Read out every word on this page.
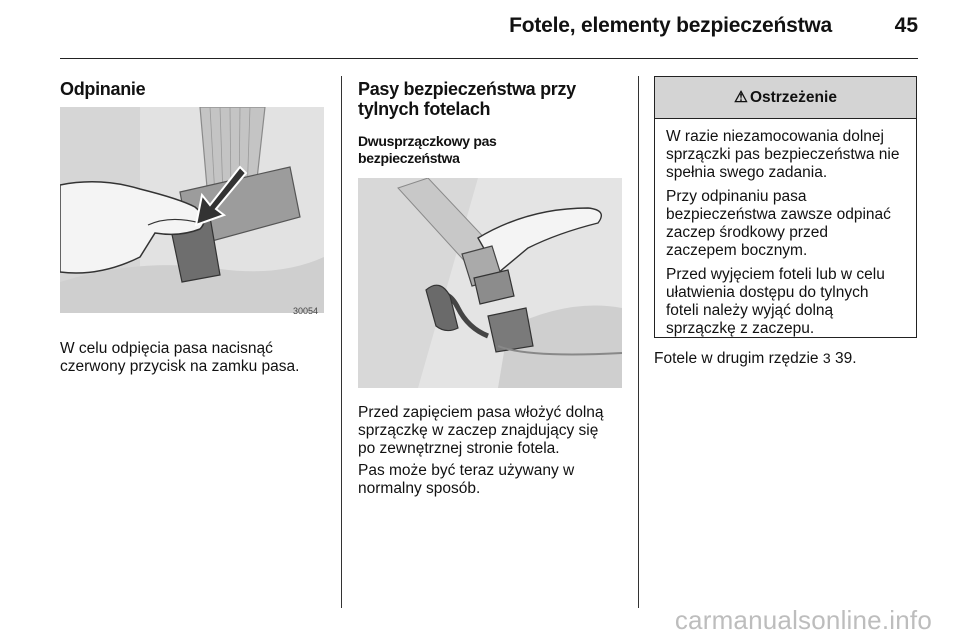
Fotele, elementy bezpieczeństwa	45
Odpinanie
30054
W celu odpięcia pasa nacisnąć
czerwony przycisk na zamku pasa.
Pasy bezpieczeństwa przy
tylnych fotelach
Dwusprzączkowy pas
bezpieczeństwa
Przed zapięciem pasa włożyć dolną
sprzączkę w zaczep znajdujący się
po zewnętrznej stronie fotela.
Pas może być teraz używany w
normalny sposób.
⚠ Ostrzeżenie
W razie niezamocowania dolnej
sprzączki pas bezpieczeństwa nie
spełnia swego zadania.
Przy odpinaniu pasa
bezpieczeństwa zawsze odpinać
zaczep środkowy przed
zaczepem bocznym.
Przed wyjęciem foteli lub w celu
ułatwienia dostępu do tylnych
foteli należy wyjąć dolną
sprzączkę z zaczepu.
Fotele w drugim rzędzie 3 39.
carmanualsonline.info
